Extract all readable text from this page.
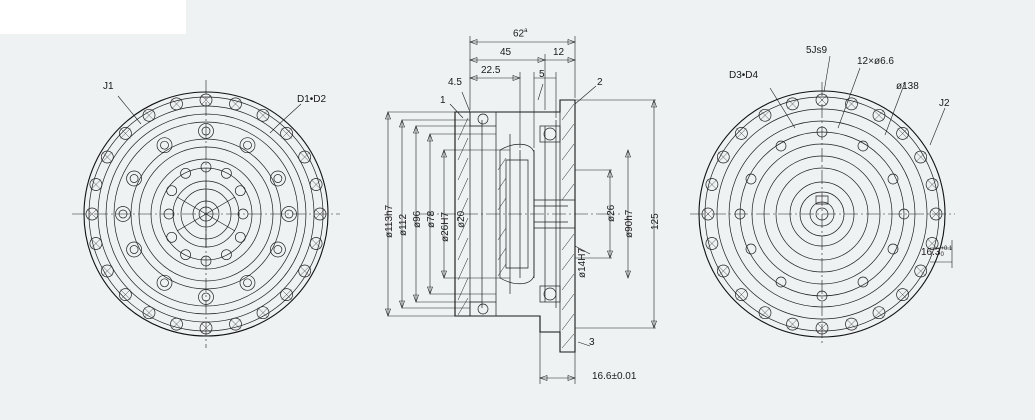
J1
D1•D2
62$^a$
45	12
22.5	5
2
4.5
1
ø113h7 ø112 ø96 ø78 ø26H7 ø20	ø26 ø90h7 125
ø14H7
3
16.6±0.01
5Js9
12×ø6.6
D3•D4
ø138
J2
16.3+0.1
0
